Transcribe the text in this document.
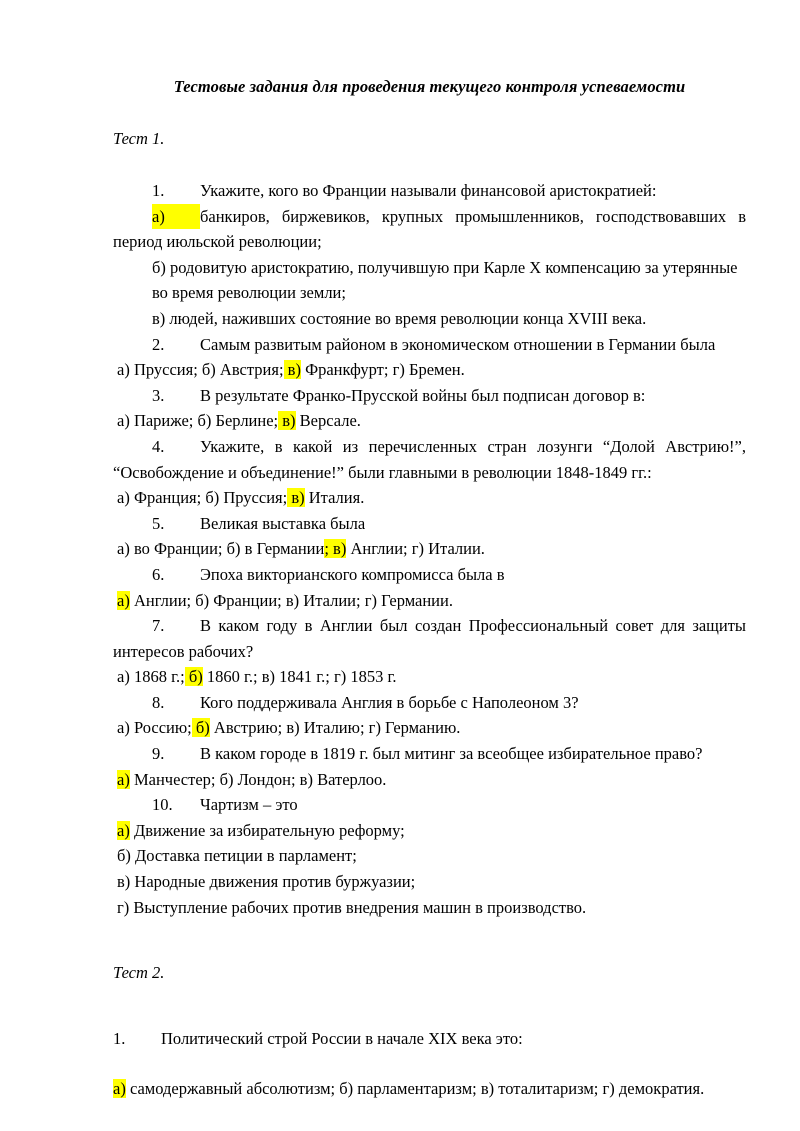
Тестовые задания для проведения текущего контроля успеваемости

Тест 1.

1. Укажите, кого во Франции называли финансовой аристократией:

а) банкиров, биржевиков, крупных промышленников, господствовавших в период июльской революции;

б) родовитую аристократию, получившую при Карле Х компенсацию за утерянные во время революции земли;

в) людей, наживших состояние во время революции конца XVIII века.

2. Самым развитым районом в экономическом отношении в Германии была

а) Пруссия; б) Австрия; в) Франкфурт; г) Бремен.

3. В результате Франко-Прусской войны был подписан договор в:

а) Париже; б) Берлине; в) Версале.

4. Укажите, в какой из перечисленных стран лозунги “Долой Австрию!”, “Освобождение и объединение!” были главными в революции 1848-1849 гг.:

а) Франция; б) Пруссия; в) Италия.

5. Великая выставка была

а) во Франции; б) в Германии; в) Англии; г) Италии.

6. Эпоха викторианского компромисса была в

а) Англии; б) Франции; в) Италии; г) Германии.

7. В каком году в Англии был создан Профессиональный совет для защиты интересов рабочих?

а) 1868 г.; б) 1860 г.; в) 1841 г.; г) 1853 г.

8. Кого поддерживала Англия в борьбе с Наполеоном 3?

а) Россию; б) Австрию; в) Италию; г) Германию.

9. В каком городе в 1819 г. был митинг за всеобщее избирательное право?

а) Манчестер; б) Лондон; в) Ватерлоо.

10. Чартизм – это

а) Движение за избирательную реформу;

б) Доставка петиции в парламент;

в) Народные движения против буржуазии;

г) Выступление рабочих против внедрения машин в производство.

Тест 2.

1. Политический строй России в начале XIX века это:

а) самодержавный абсолютизм; б) парламентаризм; в) тоталитаризм; г) демократия.
